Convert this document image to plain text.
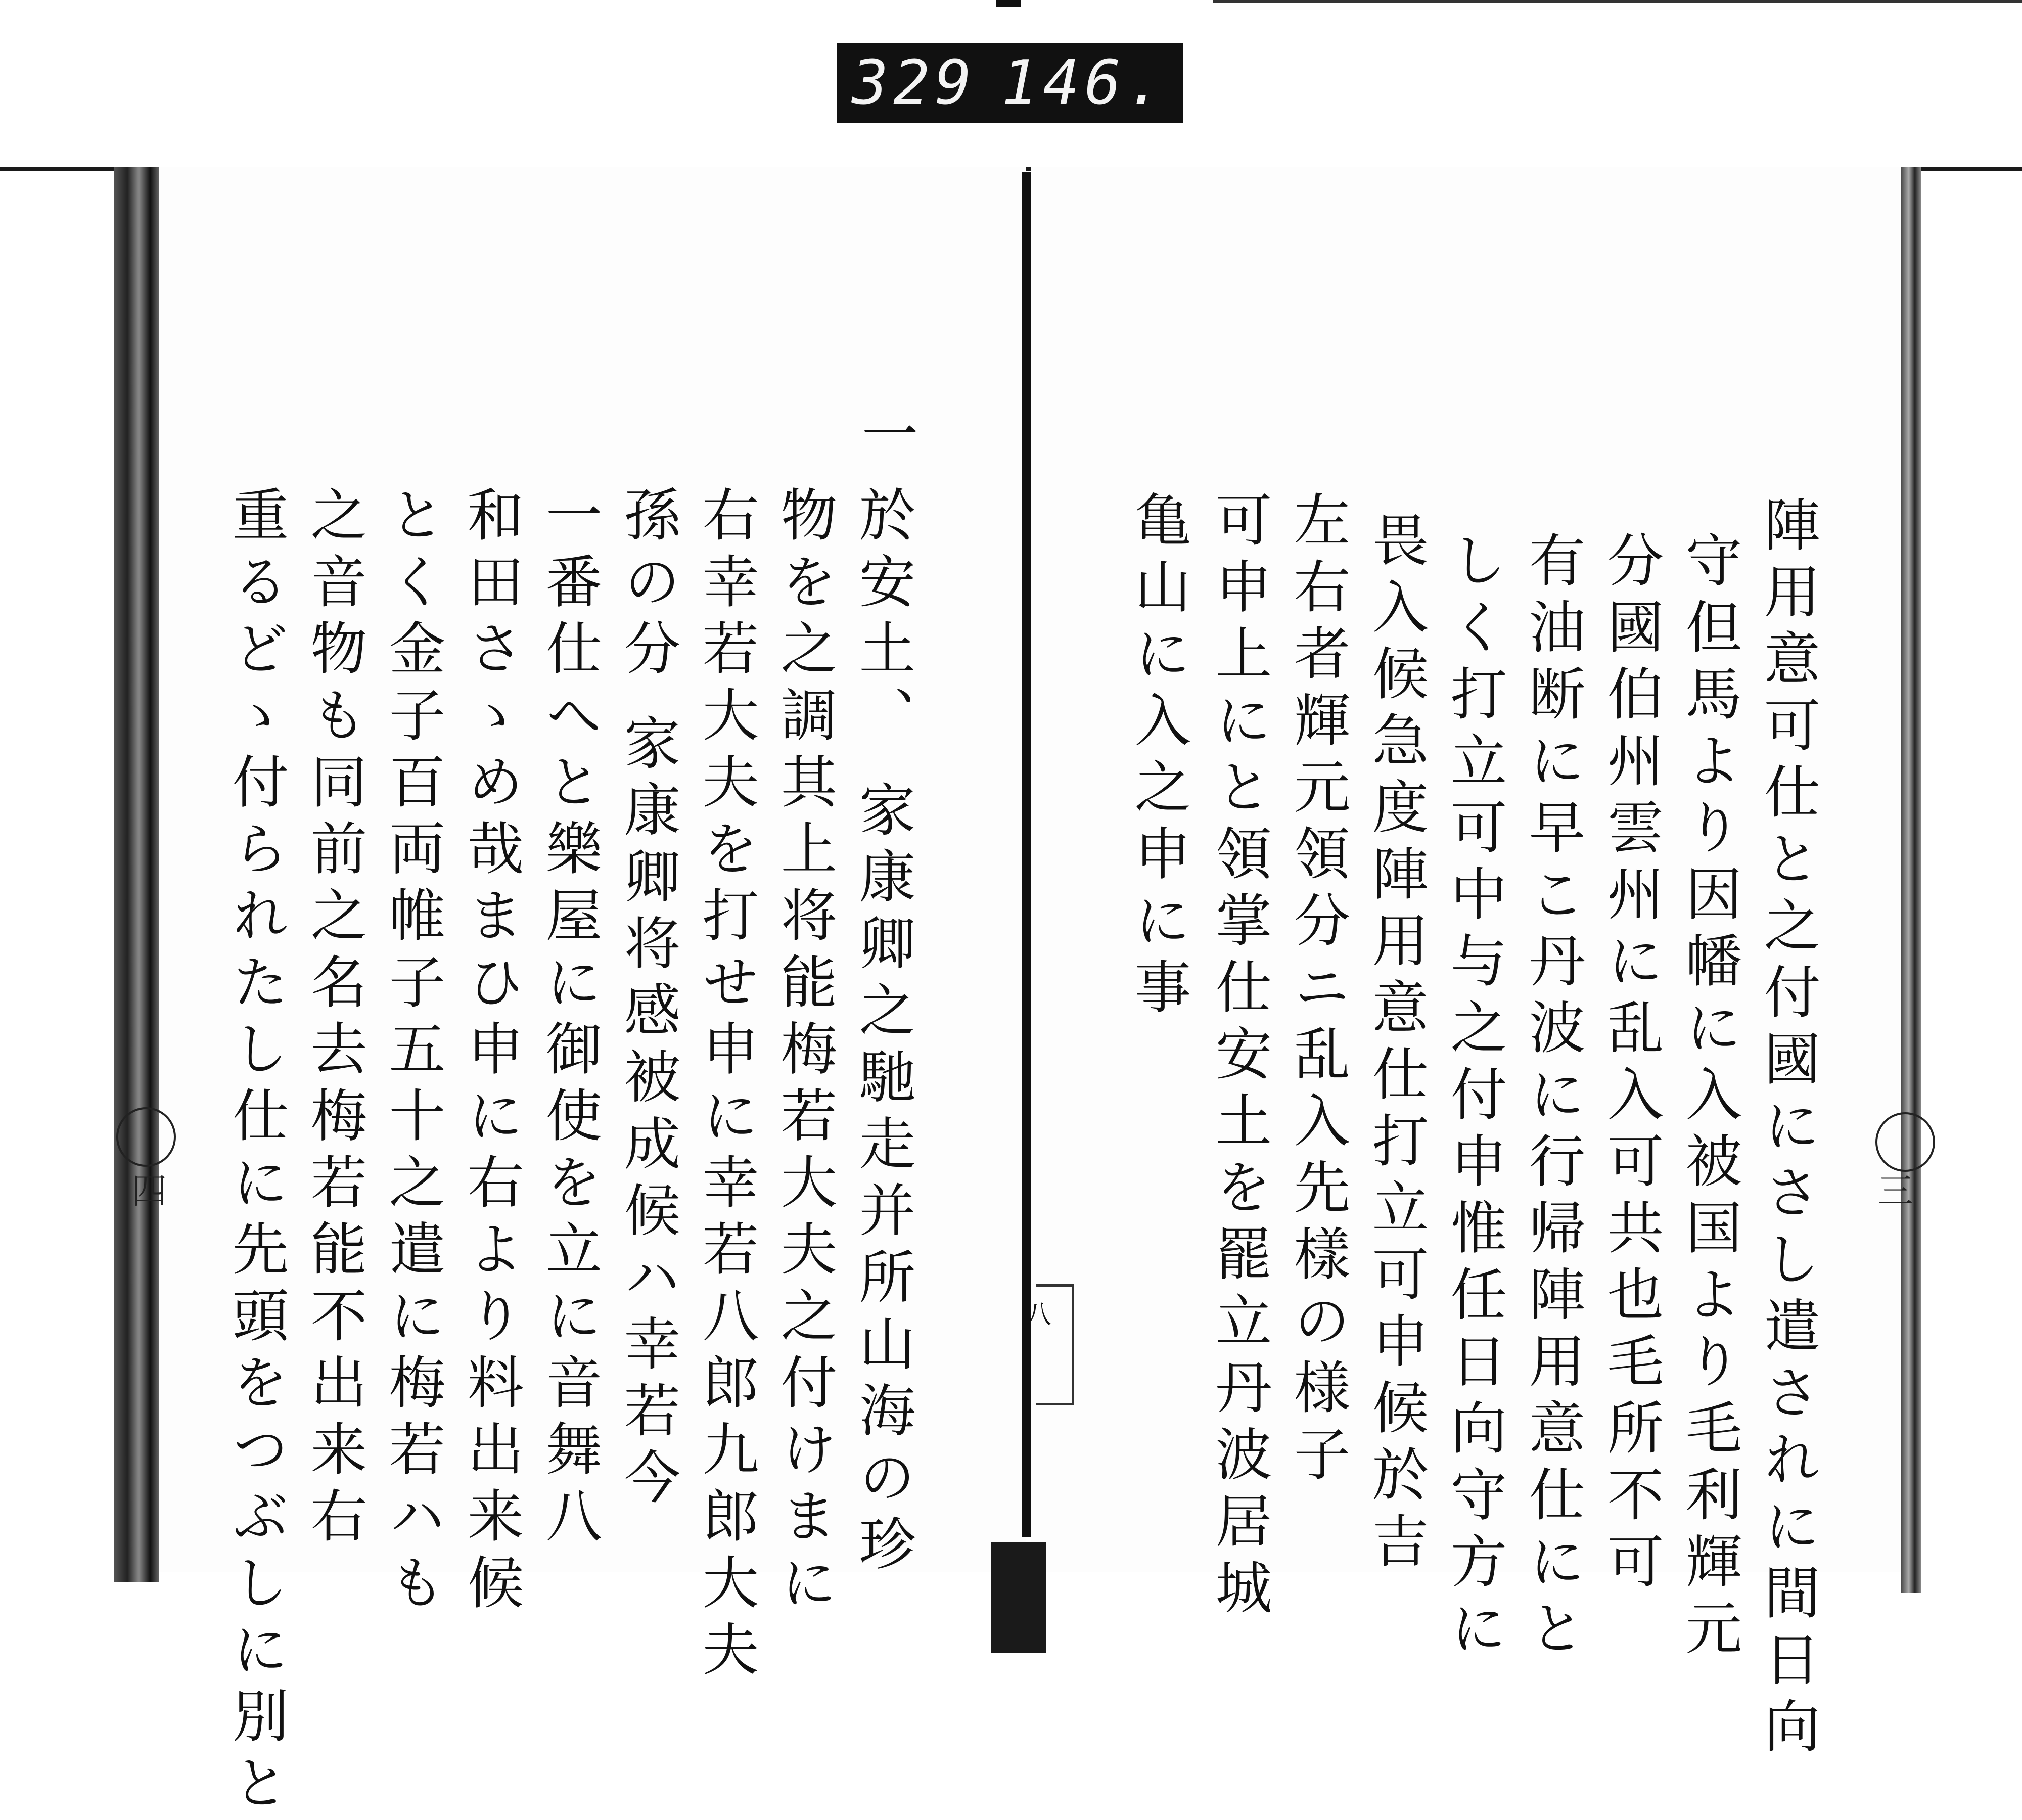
329 146.
四	三
八	陣用意可仕と之付國にさし遣されに間日向
守但馬より因幡に入被国より毛利輝元
分國伯州雲州に乱入可共也毛所不可
有油断に早こ丹波に行帰陣用意仕にと
しく打立可中与之付申惟任日向守方に
畏入候急度陣用意仕打立可申候於吉
左右者輝元領分ニ乱入先樣の様子
可申上にと領掌仕安土を罷立丹波居城
亀山に入之申に事
一
於安土、 家康卿之馳走并所山海の珍
物を之調其上将能梅若大夫之付けまに
右幸若大夫を打せ申に幸若八郎九郎大夫
孫の分 家康卿将感被成候ハ幸若今
一番仕へと樂屋に御使を立に音舞八
和田さゝめ哉まひ申に右より料出来候
とく金子百両帷子五十之遣に梅若ハも
之音物も同前之名去梅若能不出来右
重るどゝ付られたし仕に先頭をつぶしに別と
